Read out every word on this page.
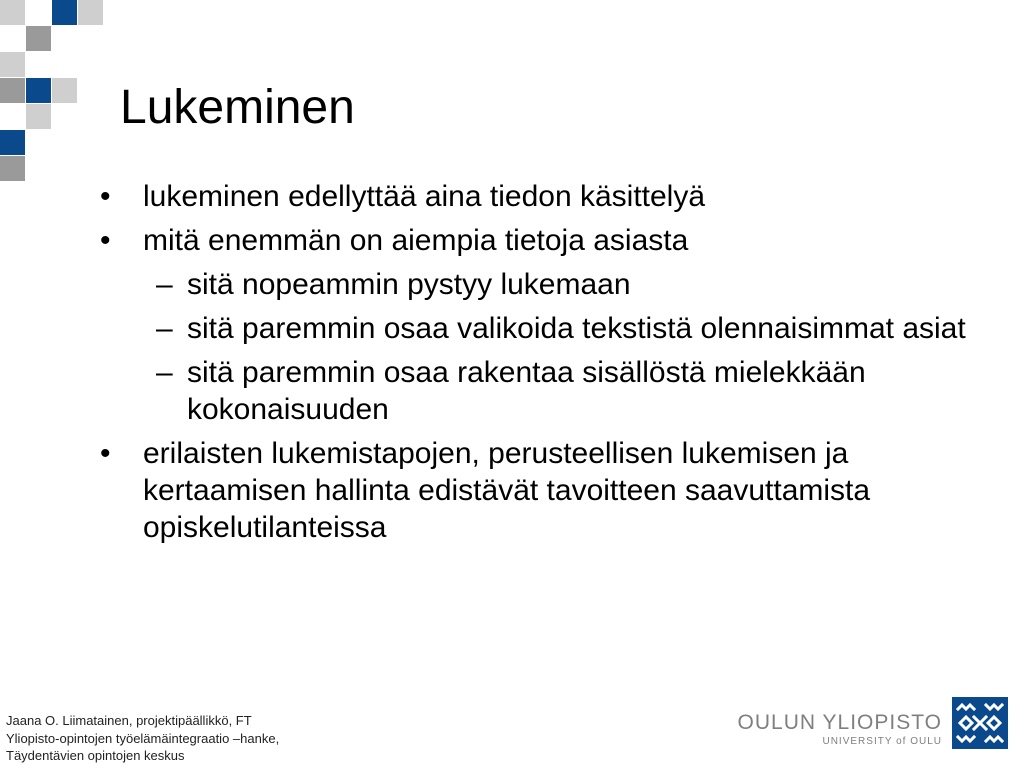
Lukeminen
• lukeminen edellyttää aina tiedon käsittelyä
• mitä enemmän on aiempia tietoja asiasta
– sitä nopeammin pystyy lukemaan
– sitä paremmin osaa valikoida tekstistä olennaisimmat asiat
– sitä paremmin osaa rakentaa sisällöstä mielekkään kokonaisuuden
• erilaisten lukemistapojen, perusteellisen lukemisen ja kertaamisen hallinta edistävät tavoitteen saavuttamista opiskelutilanteissa
Jaana O. Liimatainen, projektipäällikkö, FT
Yliopisto-opintojen työelämäintegraatio –hanke,
Täydentävien opintojen keskus
OULUN YLIOPISTO
UNIVERSITY of OULU
